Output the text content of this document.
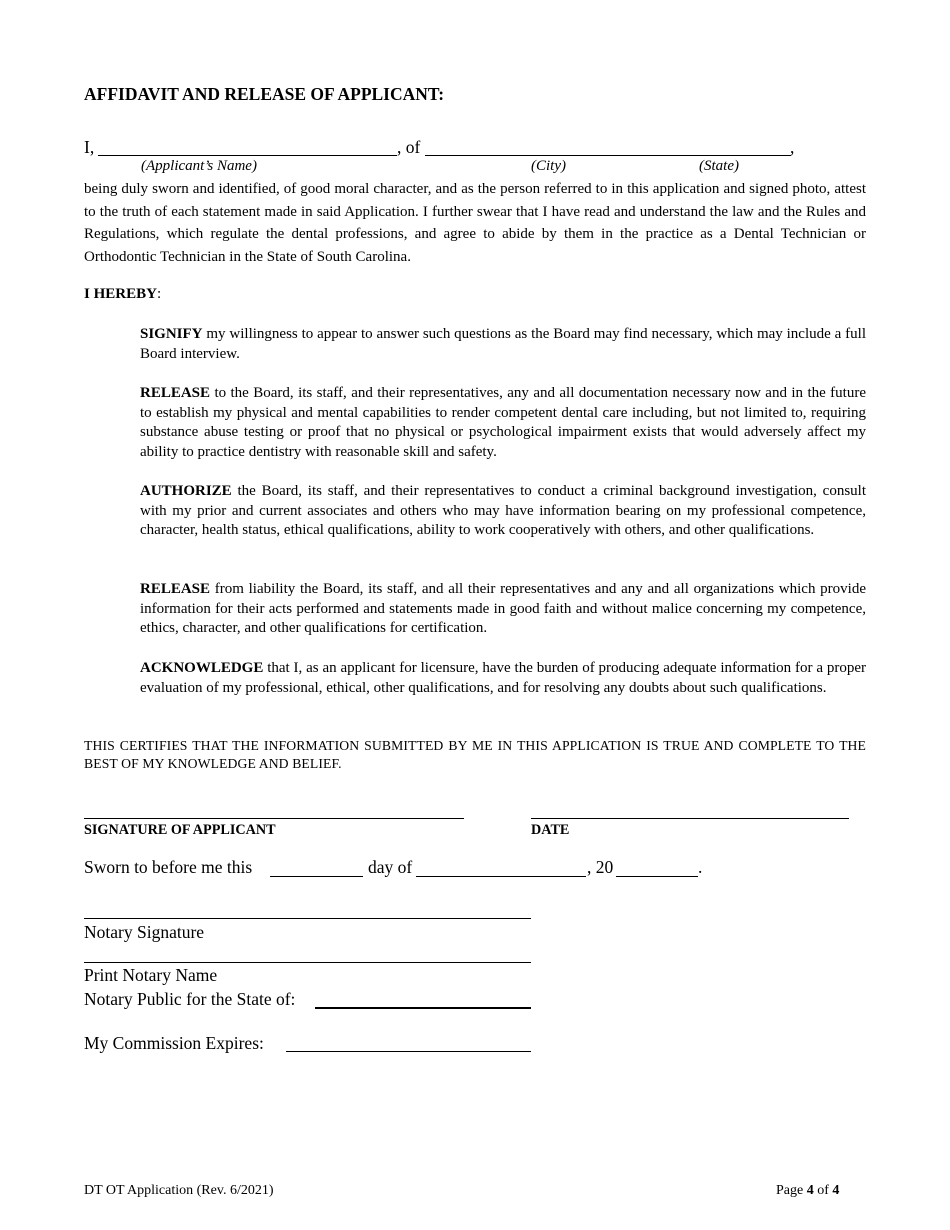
AFFIDAVIT AND RELEASE OF APPLICANT:
I,	, of	,
(Applicant’s Name)	(City)	(State)
being duly sworn and identified, of good moral character, and as the person referred to in this application and signed photo, attest to the truth of each statement made in said Application. I further swear that I have read and understand the law and the Rules and Regulations, which regulate the dental professions, and agree to abide by them in the practice as a Dental Technician or Orthodontic Technician in the State of South Carolina.
I HEREBY:
SIGNIFY my willingness to appear to answer such questions as the Board may find necessary, which may include a full Board interview.
RELEASE to the Board, its staff, and their representatives, any and all documentation necessary now and in the future to establish my physical and mental capabilities to render competent dental care including, but not limited to, requiring substance abuse testing or proof that no physical or psychological impairment exists that would adversely affect my ability to practice dentistry with reasonable skill and safety.
AUTHORIZE the Board, its staff, and their representatives to conduct a criminal background investigation, consult with my prior and current associates and others who may have information bearing on my professional competence, character, health status, ethical qualifications, ability to work cooperatively with others, and other qualifications.
RELEASE from liability the Board, its staff, and all their representatives and any and all organizations which provide information for their acts performed and statements made in good faith and without malice concerning my competence, ethics, character, and other qualifications for certification.
ACKNOWLEDGE that I, as an applicant for licensure, have the burden of producing adequate information for a proper evaluation of my professional, ethical, other qualifications, and for resolving any doubts about such qualifications.
THIS CERTIFIES THAT THE INFORMATION SUBMITTED BY ME IN THIS APPLICATION IS TRUE AND COMPLETE TO THE BEST OF MY KNOWLEDGE AND BELIEF.
SIGNATURE OF APPLICANT	DATE
Sworn to before me this	day of	, 20	.
Notary Signature
Print Notary Name
Notary Public for the State of:
My Commission Expires:
DT OT Application (Rev. 6/2021)	Page 4 of 4
